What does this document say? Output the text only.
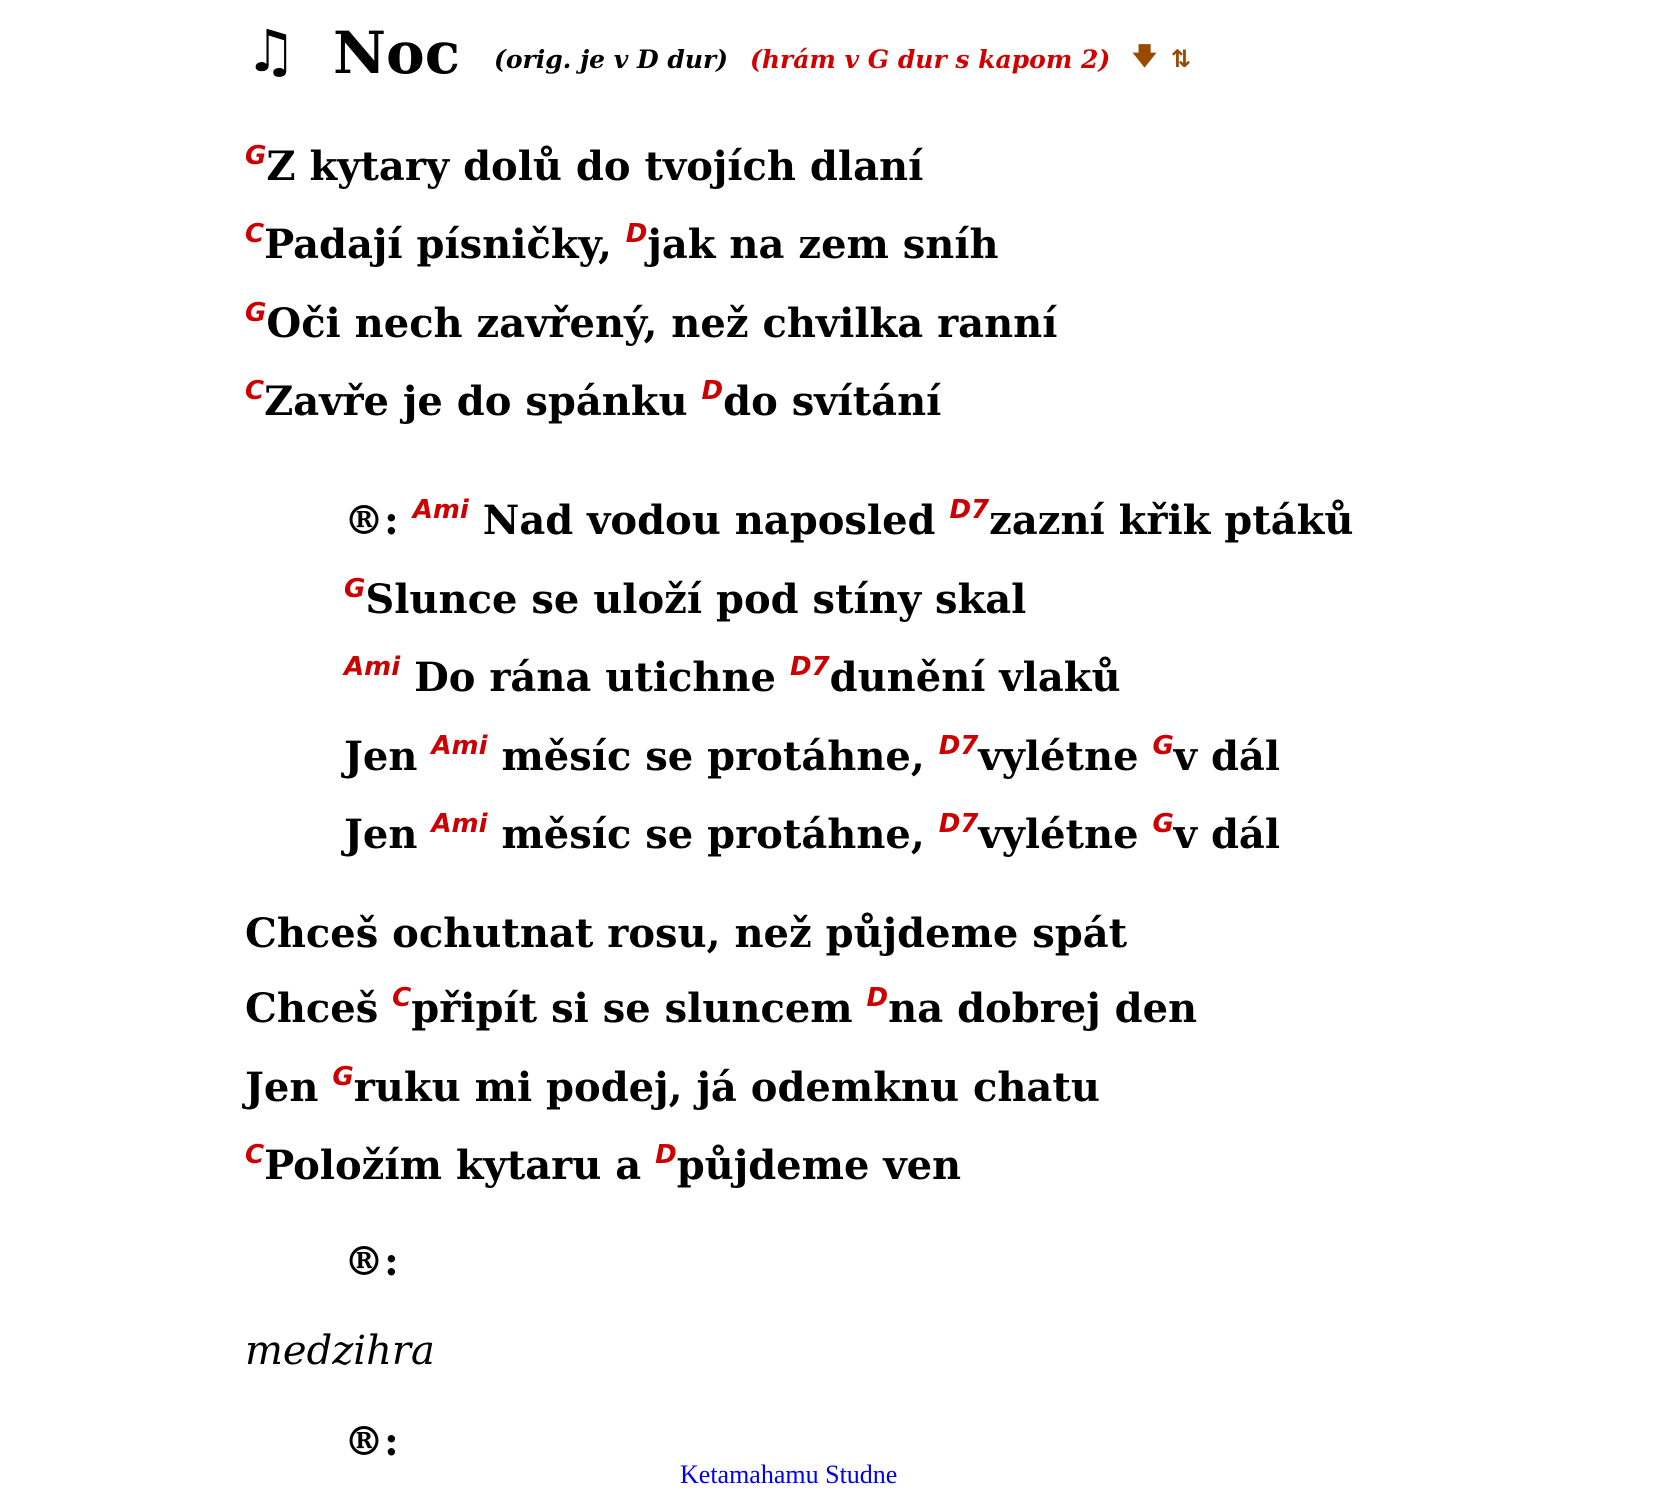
♫ Noc (orig. je v D dur) (hrám v G dur s kapom 2) 🡇 ⇅
$^G$Z kytary dolů do tvojích dlaní
$^C$Padají písničky, $^D$jak na zem sníh
$^G$Oči nech zavřený, než chvilka ranní
$^C$Zavře je do spánku $^D$do svítání
®: $^{Ami}$ Nad vodou naposled $^{D7}$zazní křik ptáků
$^G$Slunce se uloží pod stíny skal
$^{Ami}$ Do rána utichne $^{D7}$dunění vlaků
Jen $^{Ami}$ měsíc se protáhne, $^{D7}$vylétne $^G$v dál
Jen $^{Ami}$ měsíc se protáhne, $^{D7}$vylétne $^G$v dál
Chceš ochutnat rosu, než půjdeme spát
Chceš $^C$připít si se sluncem $^D$na dobrej den
Jen $^G$ruku mi podej, já odemknu chatu
$^C$Položím kytaru a $^D$půjdeme ven
®:
medzihra
®:
Ketamahamu Studne
